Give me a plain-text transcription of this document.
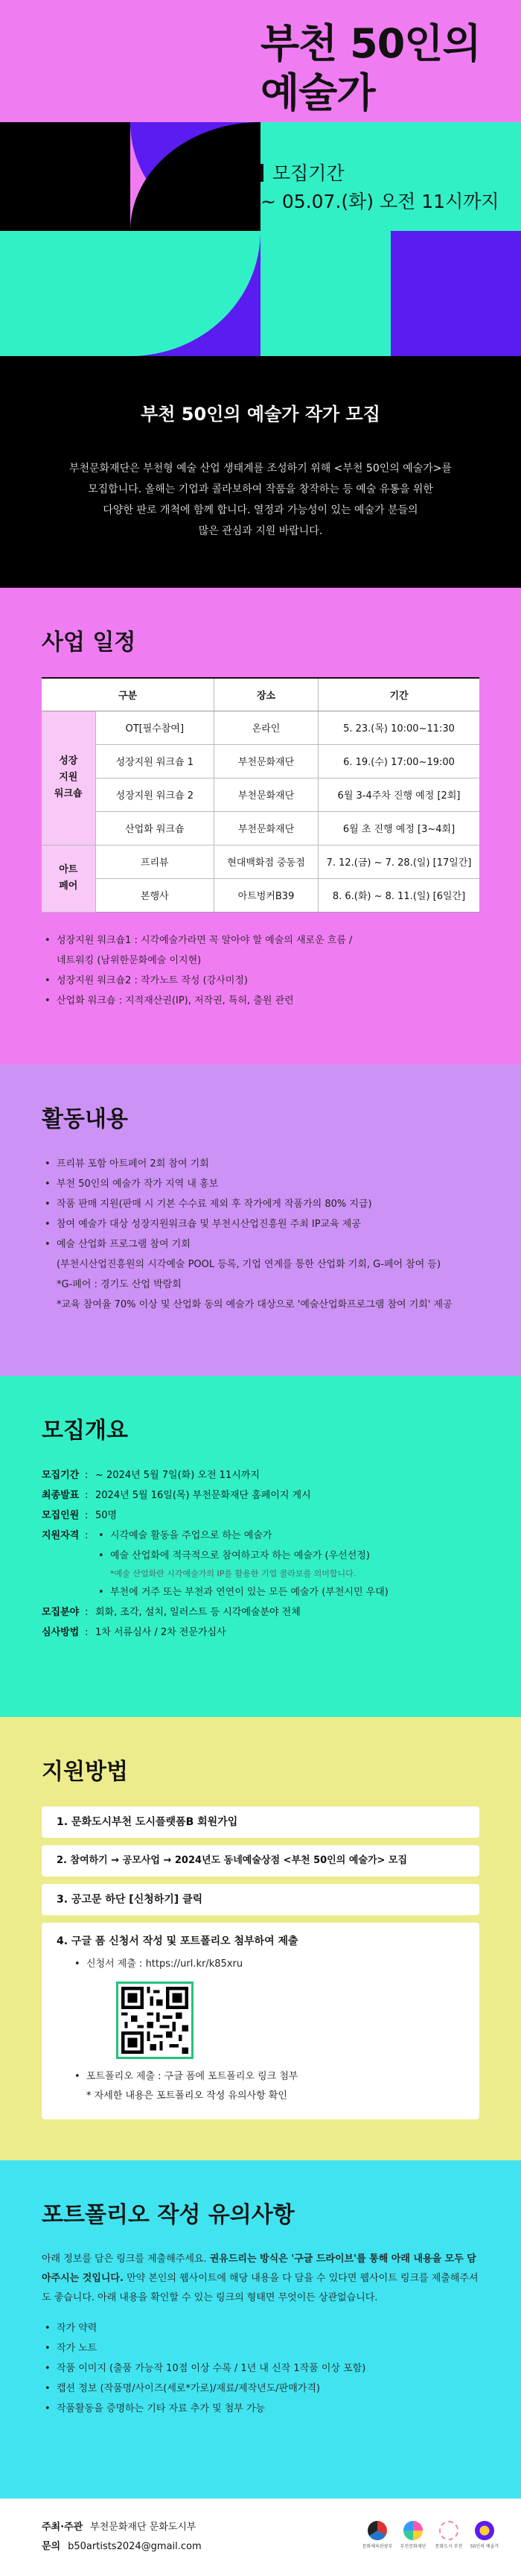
부천 50인의
예술가
모집기간
~ 05.07.(화) 오전 11시까지
부천 50인의 예술가 작가 모집

부천문화재단은 부천형 예술 산업 생태계를 조성하기 위해 <부천 50인의 예술가>를

모집합니다. 올해는 기업과 콜라보하여 작품을 창작하는 등 예술 유통을 위한

다양한 판로 개척에 함께 합니다. 열정과 가능성이 있는 예술가 분들의

많은 관심과 지원 바랍니다.

사업 일정
구분		장소	기간
성장
지원
워크숍	OT[필수참여]	온라인	5. 23.(목) 10:00~11:30
	성장지원 워크숍 1	부천문화재단	6. 19.(수) 17:00~19:00
	성장지원 워크숍 2	부천문화재단	6월 3-4주차 진행 예정 [2회]
	산업화 워크숍	부천문화재단	6월 초 진행 예정 [3~4회]
아트
페어	프리뷰	현대백화점 중동점	7. 12.(금) ~ 7. 28.(일) [17일간]
	본행사	아트벙커B39	8. 6.(화) ~ 8. 11.(일) [6일간]
• 성장지원 워크숍1 : 시각예술가라면 꼭 알아야 할 예술의 새로운 흐름 /
네트워킹 (남위한문화예술 이지현)
• 성장지원 워크숍2 : 작가노트 작성 (강사미정)
• 산업화 워크숍 : 지적재산권(IP), 저작권, 특허, 출원 관련
활동내용
• 프리뷰 포함 아트페어 2회 참여 기회
• 부천 50인의 예술가 작가 지역 내 홍보
• 작품 판매 지원(판매 시 기본 수수료 제외 후 작가에게 작품가의 80% 지급)
• 참여 예술가 대상 성장지원워크숍 및 부천시산업진흥원 주최 IP교육 제공
• 예술 산업화 프로그램 참여 기회
(부천시산업진흥원의 시각예술 POOL 등록, 기업 연계를 통한 산업화 기회, G-페어 참여 등)
*G-페어 : 경기도 산업 박람회
*교육 참여율 70% 이상 및 산업화 동의 예술가 대상으로 '예술산업화프로그램 참여 기회' 제공
모집개요
모집기간 : ~ 2024년 5월 7일(화) 오전 11시까지
최종발표 : 2024년 5월 16일(목) 부천문화재단 홈페이지 게시
모집인원 : 50명
지원자격 :	• 시각예술 활동을 주업으로 하는 예술가
• 예술 산업화에 적극적으로 참여하고자 하는 예술가 (우선선정)
*예술 산업화란 시각예술가의 IP를 활용한 기업 콜라보를 의미합니다.
• 부천에 거주 또는 부천과 연연이 있는 모든 예술가 (부천시민 우대)
모집분야 : 회화, 조각, 설치, 일러스트 등 시각예술분야 전체
심사방법 : 1차 서류심사 / 2차 전문가심사
지원방법
1. 문화도시부천 도시플랫폼B 회원가입
2. 참여하기 → 공모사업 → 2024년도 동네예술상점 <부천 50인의 예술가> 모집
3. 공고문 하단 [신청하기] 클릭
4. 구글 폼 신청서 작성 및 포트폴리오 첨부하여 제출
• 신청서 제출 : https://url.kr/k85xru
• 포트폴리오 제출 : 구글 폼에 포트폴리오 링크 첨부
* 자세한 내용은 포트폴리오 작성 유의사항 확인
포트폴리오 작성 유의사항

아래 정보를 담은 링크를 제출해주세요. 권유드리는 방식은 '구글 드라이브'를 통해 아래 내용을 모두 담아주시는 것입니다. 만약 본인의 웹사이트에 해당 내용을 다 담을 수 있다면 웹사이트 링크를 제출해주셔도 좋습니다. 아래 내용을 확인할 수 있는 링크의 형태면 무엇이든 상관없습니다.

• 작가 약력
• 작가 노트
• 작품 이미지 (출품 가능작 10점 이상 수록 / 1년 내 신작 1작품 이상 포함)
• 캡션 정보 (작품명/사이즈(세로*가로)/재료/제작년도/판매가격)
• 작품활동을 증명하는 기타 자료 추가 및 첨부 가능
주최·주관 부천문화재단 문화도시부
문의 b50artists2024@gmail.com	문화체육관광부 부천문화재단 문화도시 부천 50인의 예술가
